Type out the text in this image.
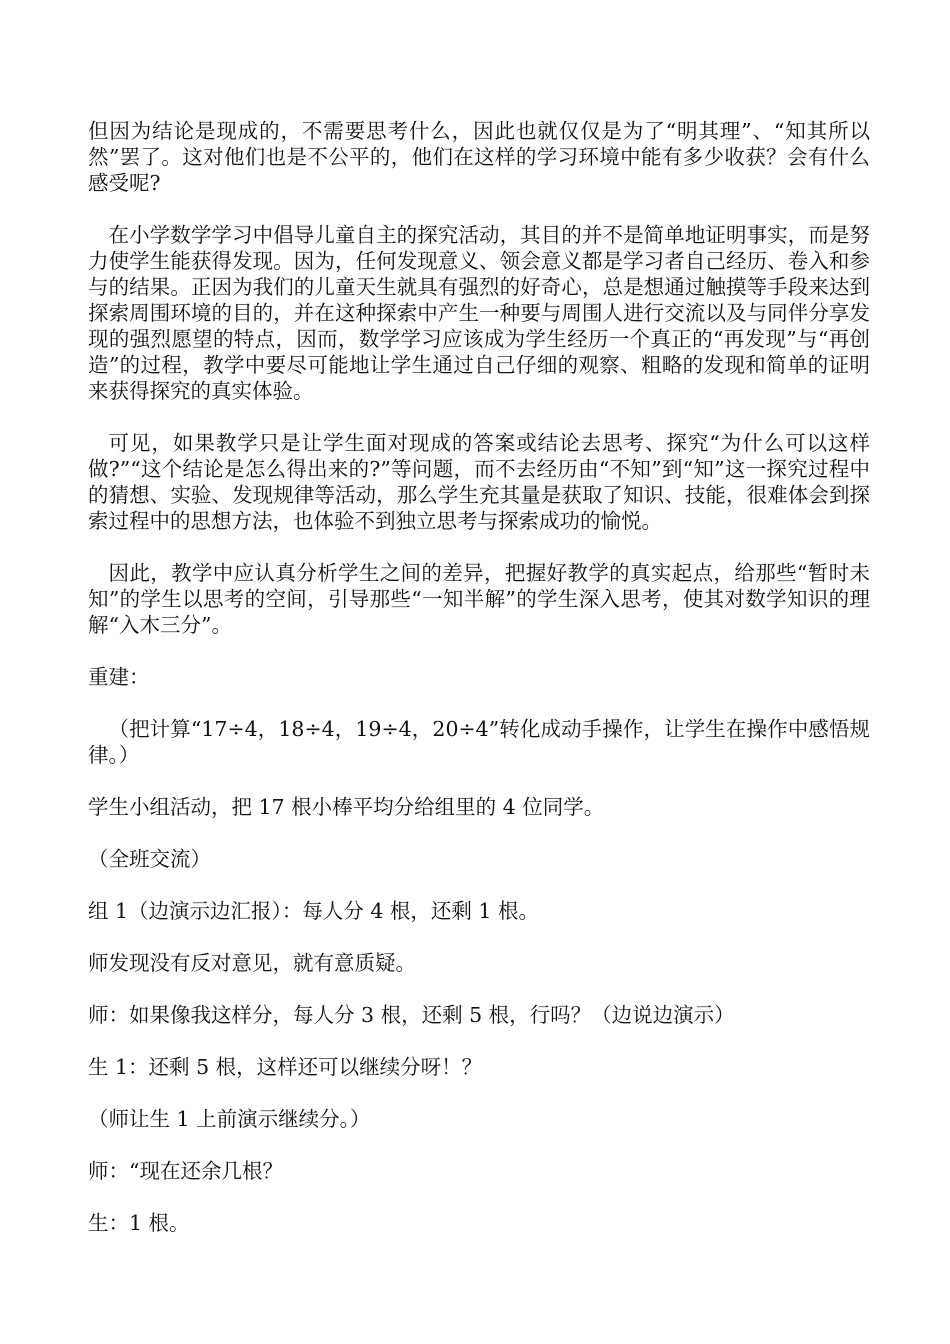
但因为结论是现成的，不需要思考什么，因此也就仅仅是为了“明其理”、“知其所以然”罢了。这对他们也是不公平的，他们在这样的学习环境中能有多少收获？会有什么感受呢?

在小学数学学习中倡导儿童自主的探究活动，其目的并不是简单地证明事实，而是努力使学生能获得发现。因为，任何发现意义、领会意义都是学习者自己经历、卷入和参与的结果。正因为我们的儿童天生就具有强烈的好奇心，总是想通过触摸等手段来达到探索周围环境的目的，并在这种探索中产生一种要与周围人进行交流以及与同伴分享发现的强烈愿望的特点，因而，数学学习应该成为学生经历一个真正的“再发现”与“再创造”的过程，教学中要尽可能地让学生通过自己仔细的观察、粗略的发现和简单的证明来获得探究的真实体验。

可见，如果教学只是让学生面对现成的答案或结论去思考、探究“为什么可以这样做?”“这个结论是怎么得出来的?”等问题，而不去经历由“不知”到“知”这一探究过程中的猜想、实验、发现规律等活动，那么学生充其量是获取了知识、技能，很难体会到探索过程中的思想方法，也体验不到独立思考与探索成功的愉悦。

因此，教学中应认真分析学生之间的差异，把握好教学的真实起点，给那些“暂时未知”的学生以思考的空间，引导那些“一知半解”的学生深入思考，使其对数学知识的理解“入木三分”。

重建：

（把计算“17÷4，18÷4，19÷4，20÷4”转化成动手操作，让学生在操作中感悟规律。）

学生小组活动，把 17 根小棒平均分给组里的 4 位同学。

（全班交流）

组 1（边演示边汇报）：每人分 4 根，还剩 1 根。

师发现没有反对意见，就有意质疑。

师：如果像我这样分，每人分 3 根，还剩 5 根，行吗？（边说边演示）

生 1：还剩 5 根，这样还可以继续分呀！？

（师让生 1 上前演示继续分。）

师：“现在还余几根？

生：1 根。
